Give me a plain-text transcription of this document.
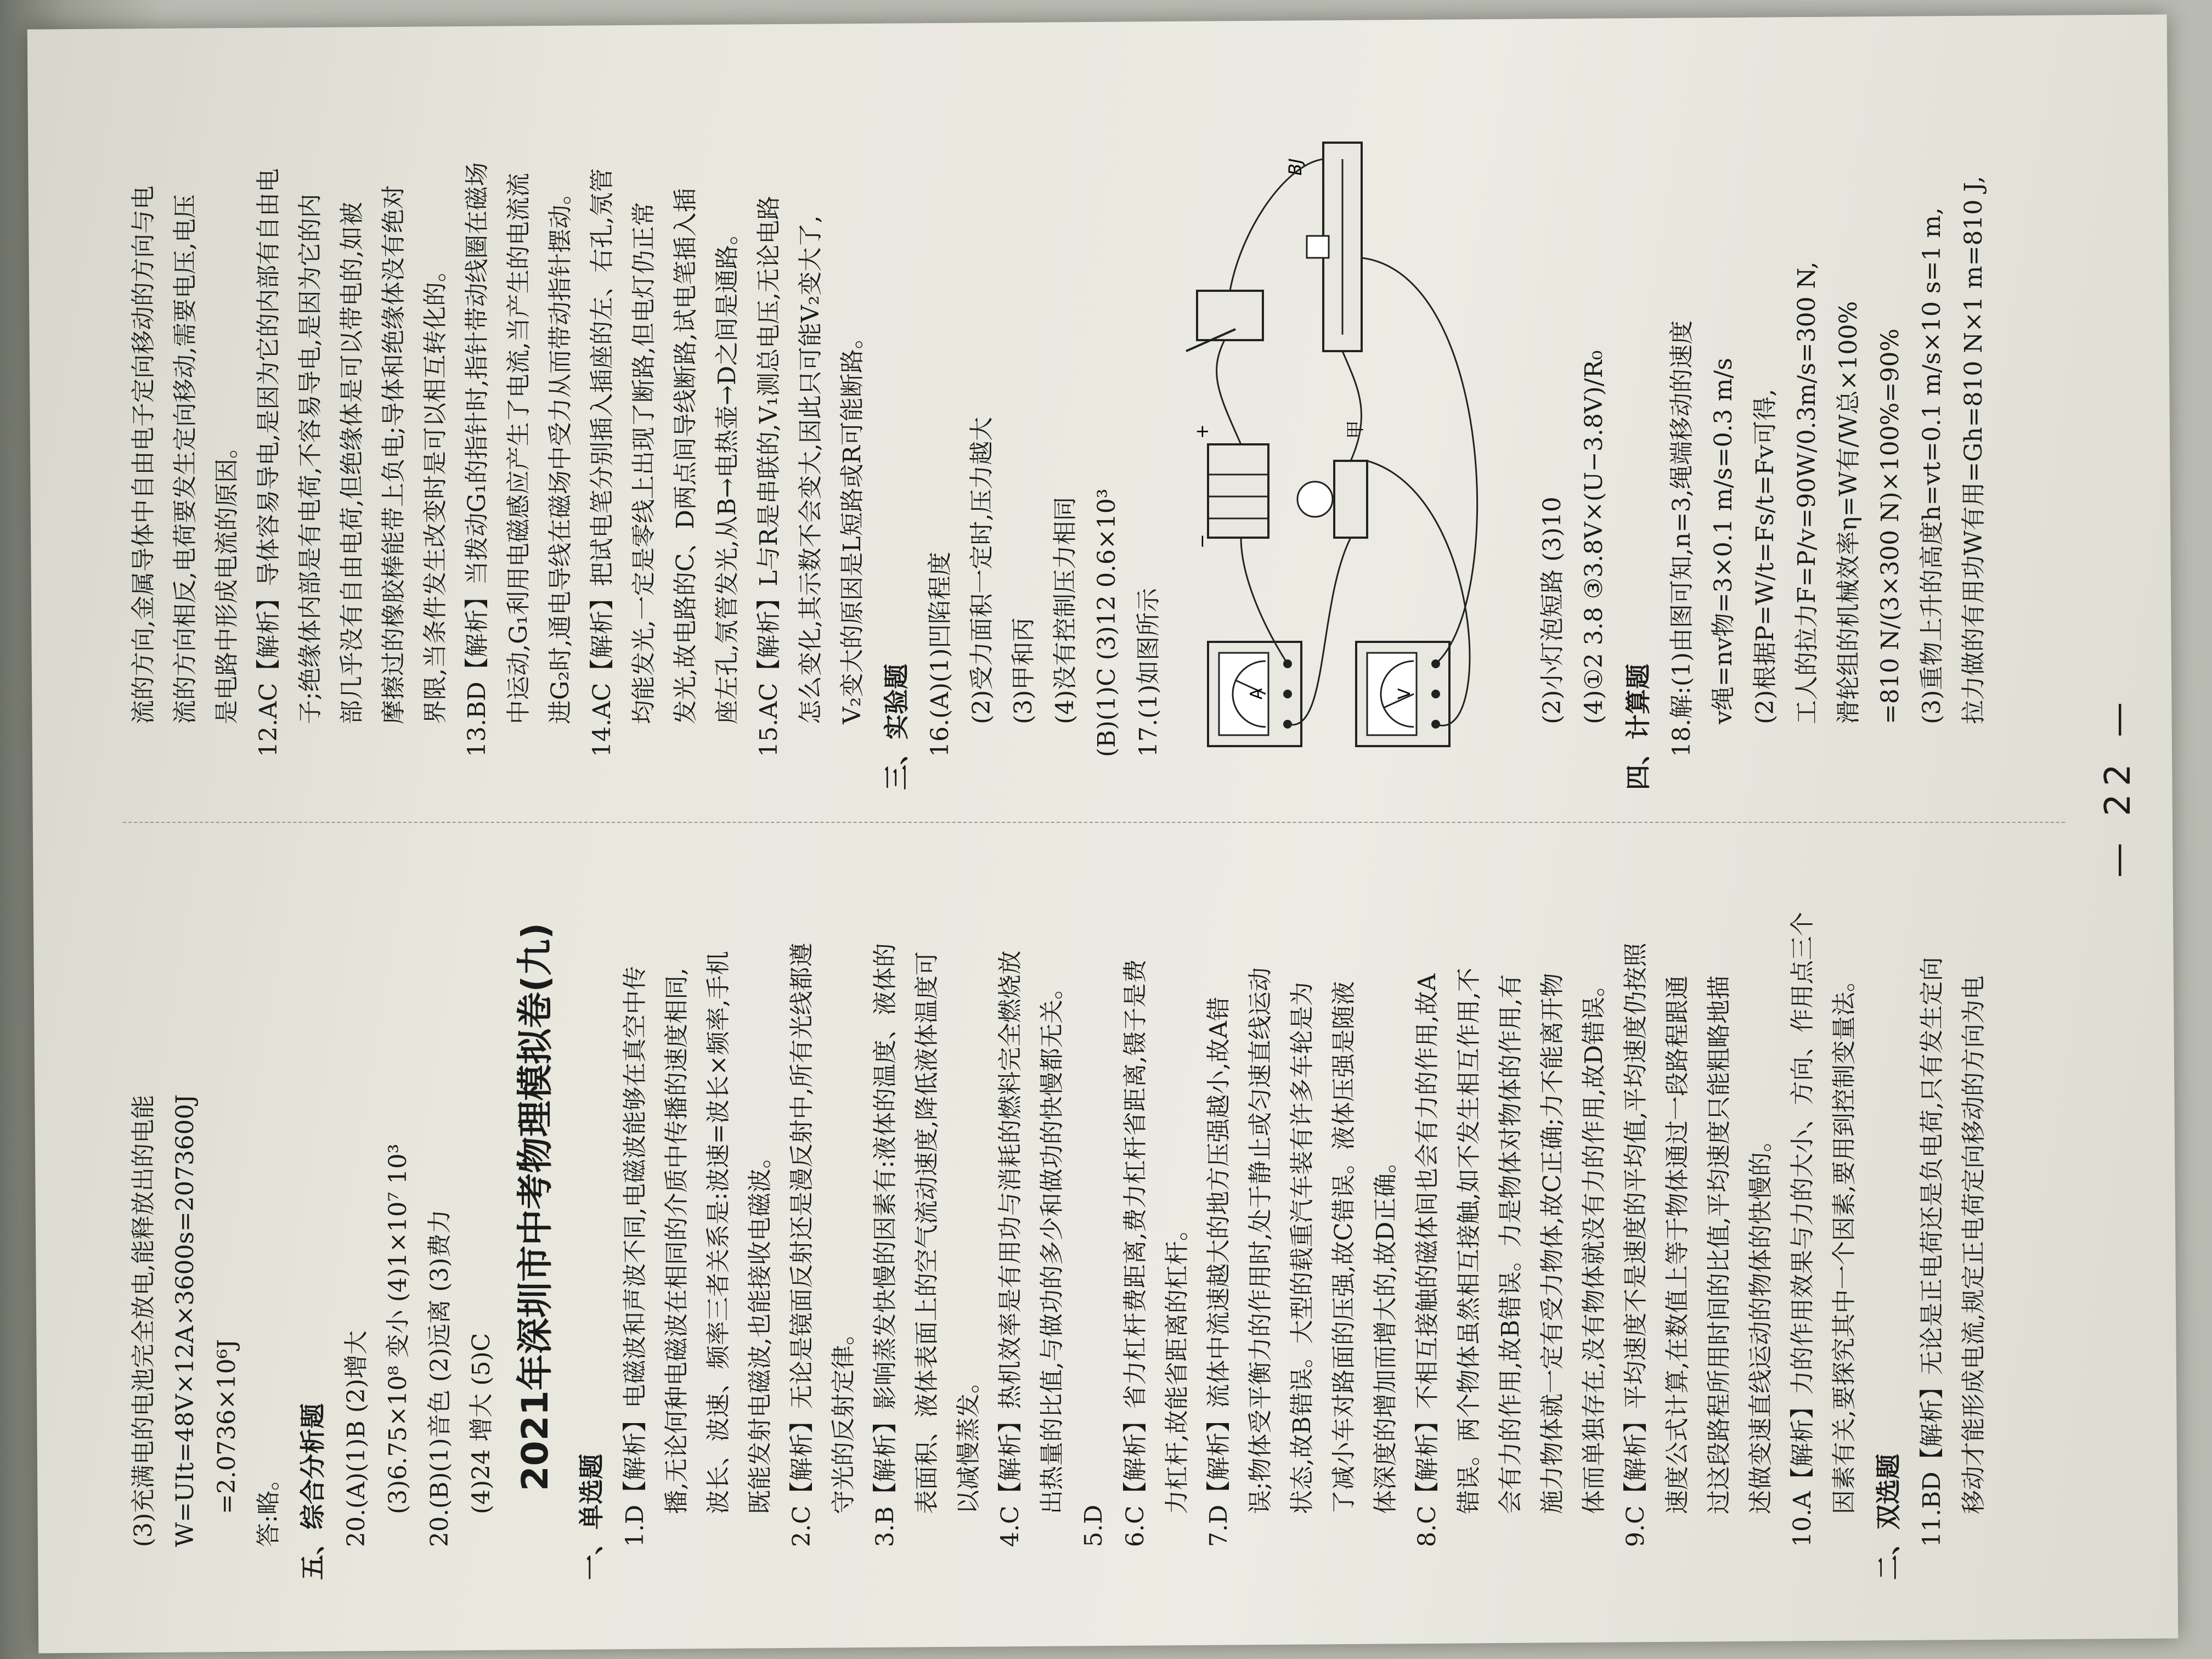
(3)充满电的电池完全放电,能释放出的电能 W=UIt=48V×12A×3600s=2073600J =2.0736×10⁶J 答:略。 五、综合分析题 20.(A)(1)B (2)增大 (3)6.75×10⁸ 变小 (4)1×10⁷ 10³ 20.(B)(1)音色 (2)远离 (3)费力 (4)24 增大 (5)C 2021年深圳市中考物理模拟卷(九)
一、单选题 1.D【解析】电磁波和声波不同,电磁波能够在真空中传 播,无论何种电磁波在相同的介质中传播的速度相同, 波长、波速、频率三者关系是:波速=波长×频率,手机 既能发射电磁波,也能接收电磁波。 2.C【解析】无论是镜面反射还是漫反射中,所有光线都遵 守光的反射定律。 3.B【解析】影响蒸发快慢的因素有:液体的温度、液体的 表面积、液体表面上的空气流动速度,降低液体温度可 以减慢蒸发。 4.C【解析】热机效率是有用功与消耗的燃料完全燃烧放 出热量的比值,与做功的多少和做功的快慢都无关。
5.D 6.C【解析】省力杠杆费距离,费力杠杆省距离,镊子是费 力杠杆,故能省距离的杠杆。 7.D【解析】流体中流速越大的地方压强越小,故A错 误;物体受平衡力的作用时,处于静止或匀速直线运动 状态,故B错误。大型的载重汽车装有许多车轮是为 了减小车对路面的压强,故C错误。液体压强是随液 体深度的增加而增大的,故D正确。 8.C【解析】不相互接触的磁体间也会有力的作用,故A 错误。两个物体虽然相互接触,如不发生相互作用,不 会有力的作用,故B错误。力是物体对物体的作用,有 施力物体就一定有受力物体,故C正确;力不能离开物 体而单独存在,没有物体就没有力的作用,故D错误。 9.C【解析】平均速度不是速度的平均值,平均速度仍按照 速度公式计算,在数值上等于物体通过一段路程跟通 过这段路程所用时间的比值,平均速度只能粗略地描 述做变速直线运动的物体的快慢的。 10.A【解析】力的作用效果与力的大小、方向、作用点三个 因素有关,要探究其中一个因素,要用到控制变量法。
二、双选题 11.BD【解析】无论是正电荷还是负电荷,只有发生定向 移动才能形成电流,规定正电荷定向移动的方向为电
流的方向,金属导体中自由电子定向移动的方向与电 流的方向相反,电荷要发生定向移动,需要电压,电压 是电路中形成电流的原因。 12.AC【解析】导体容易导电,是因为它的内部有自由电 子;绝缘体内部是有电荷,不容易导电,是因为它的内 部几乎没有自由电荷,但绝缘体是可以带电的,如被 摩擦过的橡胶棒能带上负电;导体和绝缘体没有绝对 界限,当条件发生改变时是可以相互转化的。 13.BD【解析】当拨动G₁的指针时,指针带动线圈在磁场 中运动,G₁利用电磁感应产生了电流,当产生的电流流 进G₂时,通电导线在磁场中受力从而带动指针摆动。 14.AC【解析】把试电笔分别插入插座的左、右孔,氖管 均能发光,一定是零线上出现了断路,但电灯仍正常 发光,故电路的C、D两点间导线断路,试电笔插入插 座左孔,氖管发光,从B→电热壶→D之间是通路。 15.AC【解析】L与R是串联的,V₁测总电压,无论电路 怎么变化,其示数不会变大,因此只可能V₂变大了, V₂变大的原因是L短路或R可能断路。
三、实验题 16.(A)(1)凹陷程度 (2)受力面积一定时,压力越大 (3)甲和丙 (4)没有控制压力相同 (B)(1)C (3)12 0.6×10³ 17.(1)如图所示	A	V
−
+	甲
BJ
(2)小灯泡短路 (3)10 (4)①2 3.8 ③3.8V×(U−3.8V)/R₀
四、计算题 18.解:(1)由图可知,n=3,绳端移动的速度 v绳=nv物=3×0.1 m/s=0.3 m/s (2)根据P=W/t=Fs/t=Fv可得, 工人的拉力F=P/v=90W/0.3m/s=300 N, 滑轮组的机械效率η=W有/W总×100% =810 N/(3×300 N)×100%=90% (3)重物上升的高度h=vt=0.1 m/s×10 s=1 m, 拉力做的有用功W有用=Gh=810 N×1 m=810 J,
— 22 —
